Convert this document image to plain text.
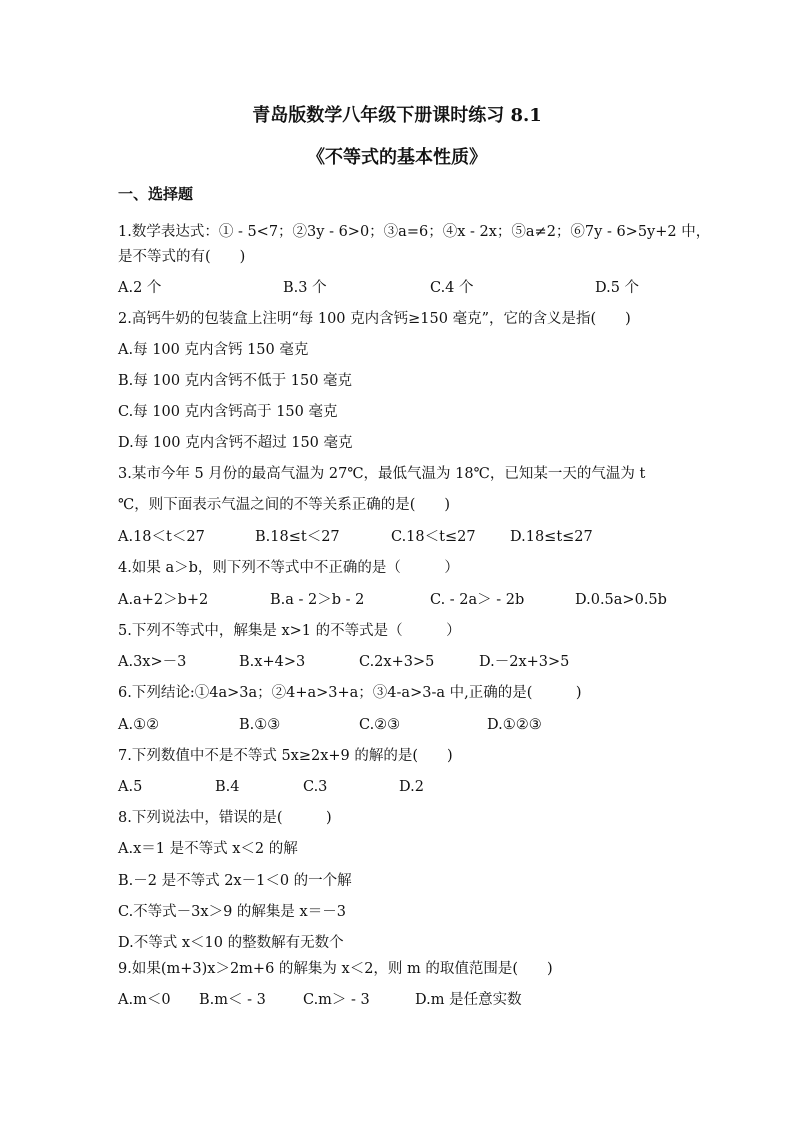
青岛版数学八年级下册课时练习 8.1
《不等式的基本性质》
一、选择题
1.数学表达式：① - 5<7；②3y - 6>0；③a=6；④x - 2x；⑤a≠2；⑥7y - 6>5y+2 中，
是不等式的有(　　)
A.2 个	B.3 个	C.4 个	D.5 个
2.高钙牛奶的包装盒上注明“每 100 克内含钙≥150 毫克”，它的含义是指(　　)
A.每 100 克内含钙 150 毫克
B.每 100 克内含钙不低于 150 毫克
C.每 100 克内含钙高于 150 毫克
D.每 100 克内含钙不超过 150 毫克
3.某市今年 5 月份的最高气温为 27℃，最低气温为 18℃，已知某一天的气温为 t
℃，则下面表示气温之间的不等关系正确的是(　　)
A.18＜t＜27	B.18≤t＜27	C.18＜t≤27 D.18≤t≤27
4.如果 a＞b，则下列不等式中不正确的是（　　　）
A.a+2＞b+2	B.a - 2＞b - 2	C. - 2a＞ - 2b	D.0.5a>0.5b
5.下列不等式中，解集是 x>1 的不等式是（　　　）
A.3x>－3	B.x+4>3	C.2x+3>5	D.－2x+3>5
6.下列结论:①4a>3a；②4+a>3+a；③4-a>3-a 中,正确的是(　　　)
A.①②	B.①③	C.②③	D.①②③
7.下列数值中不是不等式 5x≥2x+9 的解的是(　　)
A.5	B.4	C.3	D.2
8.下列说法中，错误的是(　　　)
A.x＝1 是不等式 x＜2 的解
B.－2 是不等式 2x－1＜0 的一个解
C.不等式－3x＞9 的解集是 x＝－3
D.不等式 x＜10 的整数解有无数个
9.如果(m+3)x＞2m+6 的解集为 x＜2，则 m 的取值范围是(　　)
A.m＜0 B.m＜ - 3	C.m＞ - 3	D.m 是任意实数
